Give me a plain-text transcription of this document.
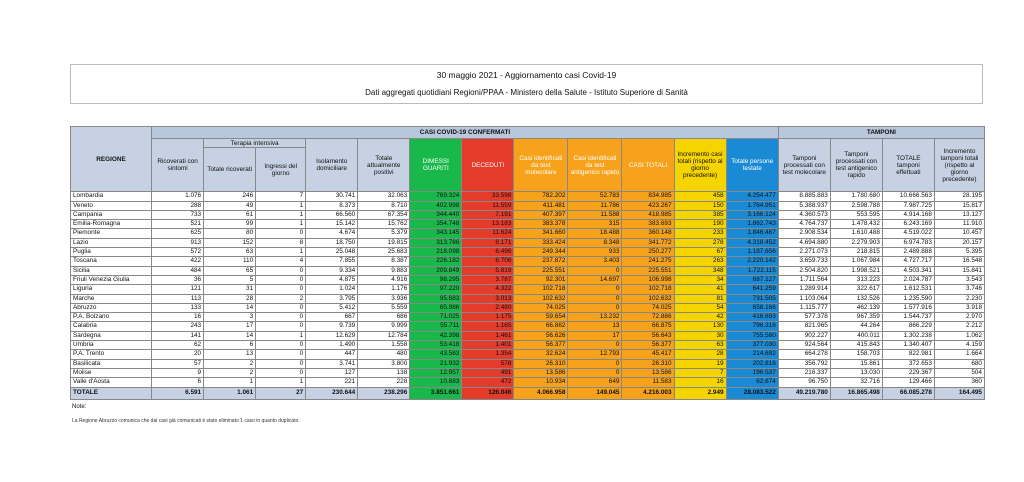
30 maggio 2021 - Aggiornamento casi Covid-19
Dati aggregati quotidiani Regioni/PPAA - Ministero della Salute - Istituto Superiore di Sanità
REGIONE	CASI COVID-19 CONFERMATI												TAMPONI			
	Ricoverati con sintomi	Terapia intensiva		Isolamento domiciliare	Totale attualmente positivi	DIMESSI GUARITI	DECEDUTI	Casi identificati da test molecolare	Casi identificati da test antigenico rapido	CASI TOTALI	Incremento casi totali (rispetto al giorno precedente)	Totale persone testate	Tamponi processati con test molecolare	Tamponi processati con test antigenico rapido	TOTALE tamponi effettuati	Incremento tamponi totali (rispetto al giorno precedente)
		Totale ricoverati	Ingressi del giorno													
Lombardia	1.076	246	7	30.741	32.063	769.324	33.598	782.202	52.783	834.985	458	4.254.477	8.885.883	1.780.680	10.666.563	28.195
Veneto	288	49	1	8.373	8.710	402.998	11.559	411.481	11.786	423.267	150	1.764.951	5.388.937	2.598.788	7.987.725	15.817
Campania	733	61	1	66.560	67.354	344.440	7.191	407.397	11.588	418.985	385	3.166.124	4.360.573	553.595	4.914.168	13.127
Emilia-Romagna	521	99	1	15.142	15.762	354.748	13.183	383.378	315	383.693	190	1.862.743	4.764.737	1.478.432	6.243.169	11.910
Piemonte	625	80	0	4.674	5.379	343.145	11.624	341.660	18.488	360.148	233	1.846.467	2.908.534	1.610.488	4.519.022	10.457
Lazio	913	152	8	18.750	19.815	313.786	8.171	333.424	8.348	341.772	278	4.318.452	4.694.880	2.279.903	6.974.783	20.157
Puglia	572	63	1	25.048	25.683	218.098	6.496	249.344	933	250.277	67	1.187.656	2.271.073	218.815	2.489.888	5.395
Toscana	422	110	4	7.855	8.387	226.182	6.706	237.872	3.403	241.275	263	2.220.142	3.659.733	1.067.984	4.727.717	16.548
Sicilia	484	65	0	9.334	9.883	209.849	5.819	225.551	0	225.551	348	1.722.115	2.504.820	1.998.521	4.503.341	15.841
Friuli Venezia Giulia	36	5	0	4.875	4.916	98.295	3.787	92.301	14.697	106.998	34	687.127	1.711.564	313.223	2.024.787	3.543
Liguria	121	31	0	1.024	1.176	97.220	4.322	102.718	0	102.718	41	641.259	1.289.914	322.617	1.612.531	3.746
Marche	113	28	2	3.795	3.936	95.683	3.013	102.632	0	102.632	81	731.505	1.103.064	132.526	1.235.590	2.230
Abruzzo	133	14	0	5.412	5.559	65.986	2.480	74.025	0	74.025	54	658.166	1.115.777	462.139	1.577.916	3.918
P.A. Bolzano	16	3	0	667	686	71.025	1.175	59.654	13.232	72.886	42	416.693	577.378	967.359	1.544.737	2.970
Calabria	243	17	0	9.739	9.999	55.711	1.165	66.862	13	66.875	130	796.316	821.965	44.264	866.229	2.212
Sardegna	141	14	1	12.629	12.784	42.398	1.461	56.626	17	56.643	30	755.580	902.227	400.011	1.302.238	1.062
Umbria	62	6	0	1.490	1.558	53.418	1.401	56.377	0	56.377	63	377.030	924.564	415.843	1.340.407	4.159
P.A. Trento	20	13	0	447	480	43.583	1.354	32.624	12.793	45.417	28	214.692	664.278	158.703	822.981	1.664
Basilicata	57	2	0	3.741	3.800	21.932	578	26.310	0	26.310	19	202.816	356.792	15.861	372.653	680
Molise	9	2	0	127	138	12.957	491	13.586	0	13.586	7	196.537	216.337	13.030	229.367	504
Valle d'Aosta	6	1	1	221	228	10.883	472	10.934	649	11.583	16	62.674	96.750	32.716	129.466	360
TOTALE	6.591	1.061	27	230.644	238.296	3.851.661	126.046	4.066.958	149.045	4.216.003	2.949	28.083.522	49.219.780	16.865.498	66.085.278	164.495
Note:
La Regione Abruzzo comunica che dai casi già comunicati è stato eliminato 1 caso in quanto duplicato.
